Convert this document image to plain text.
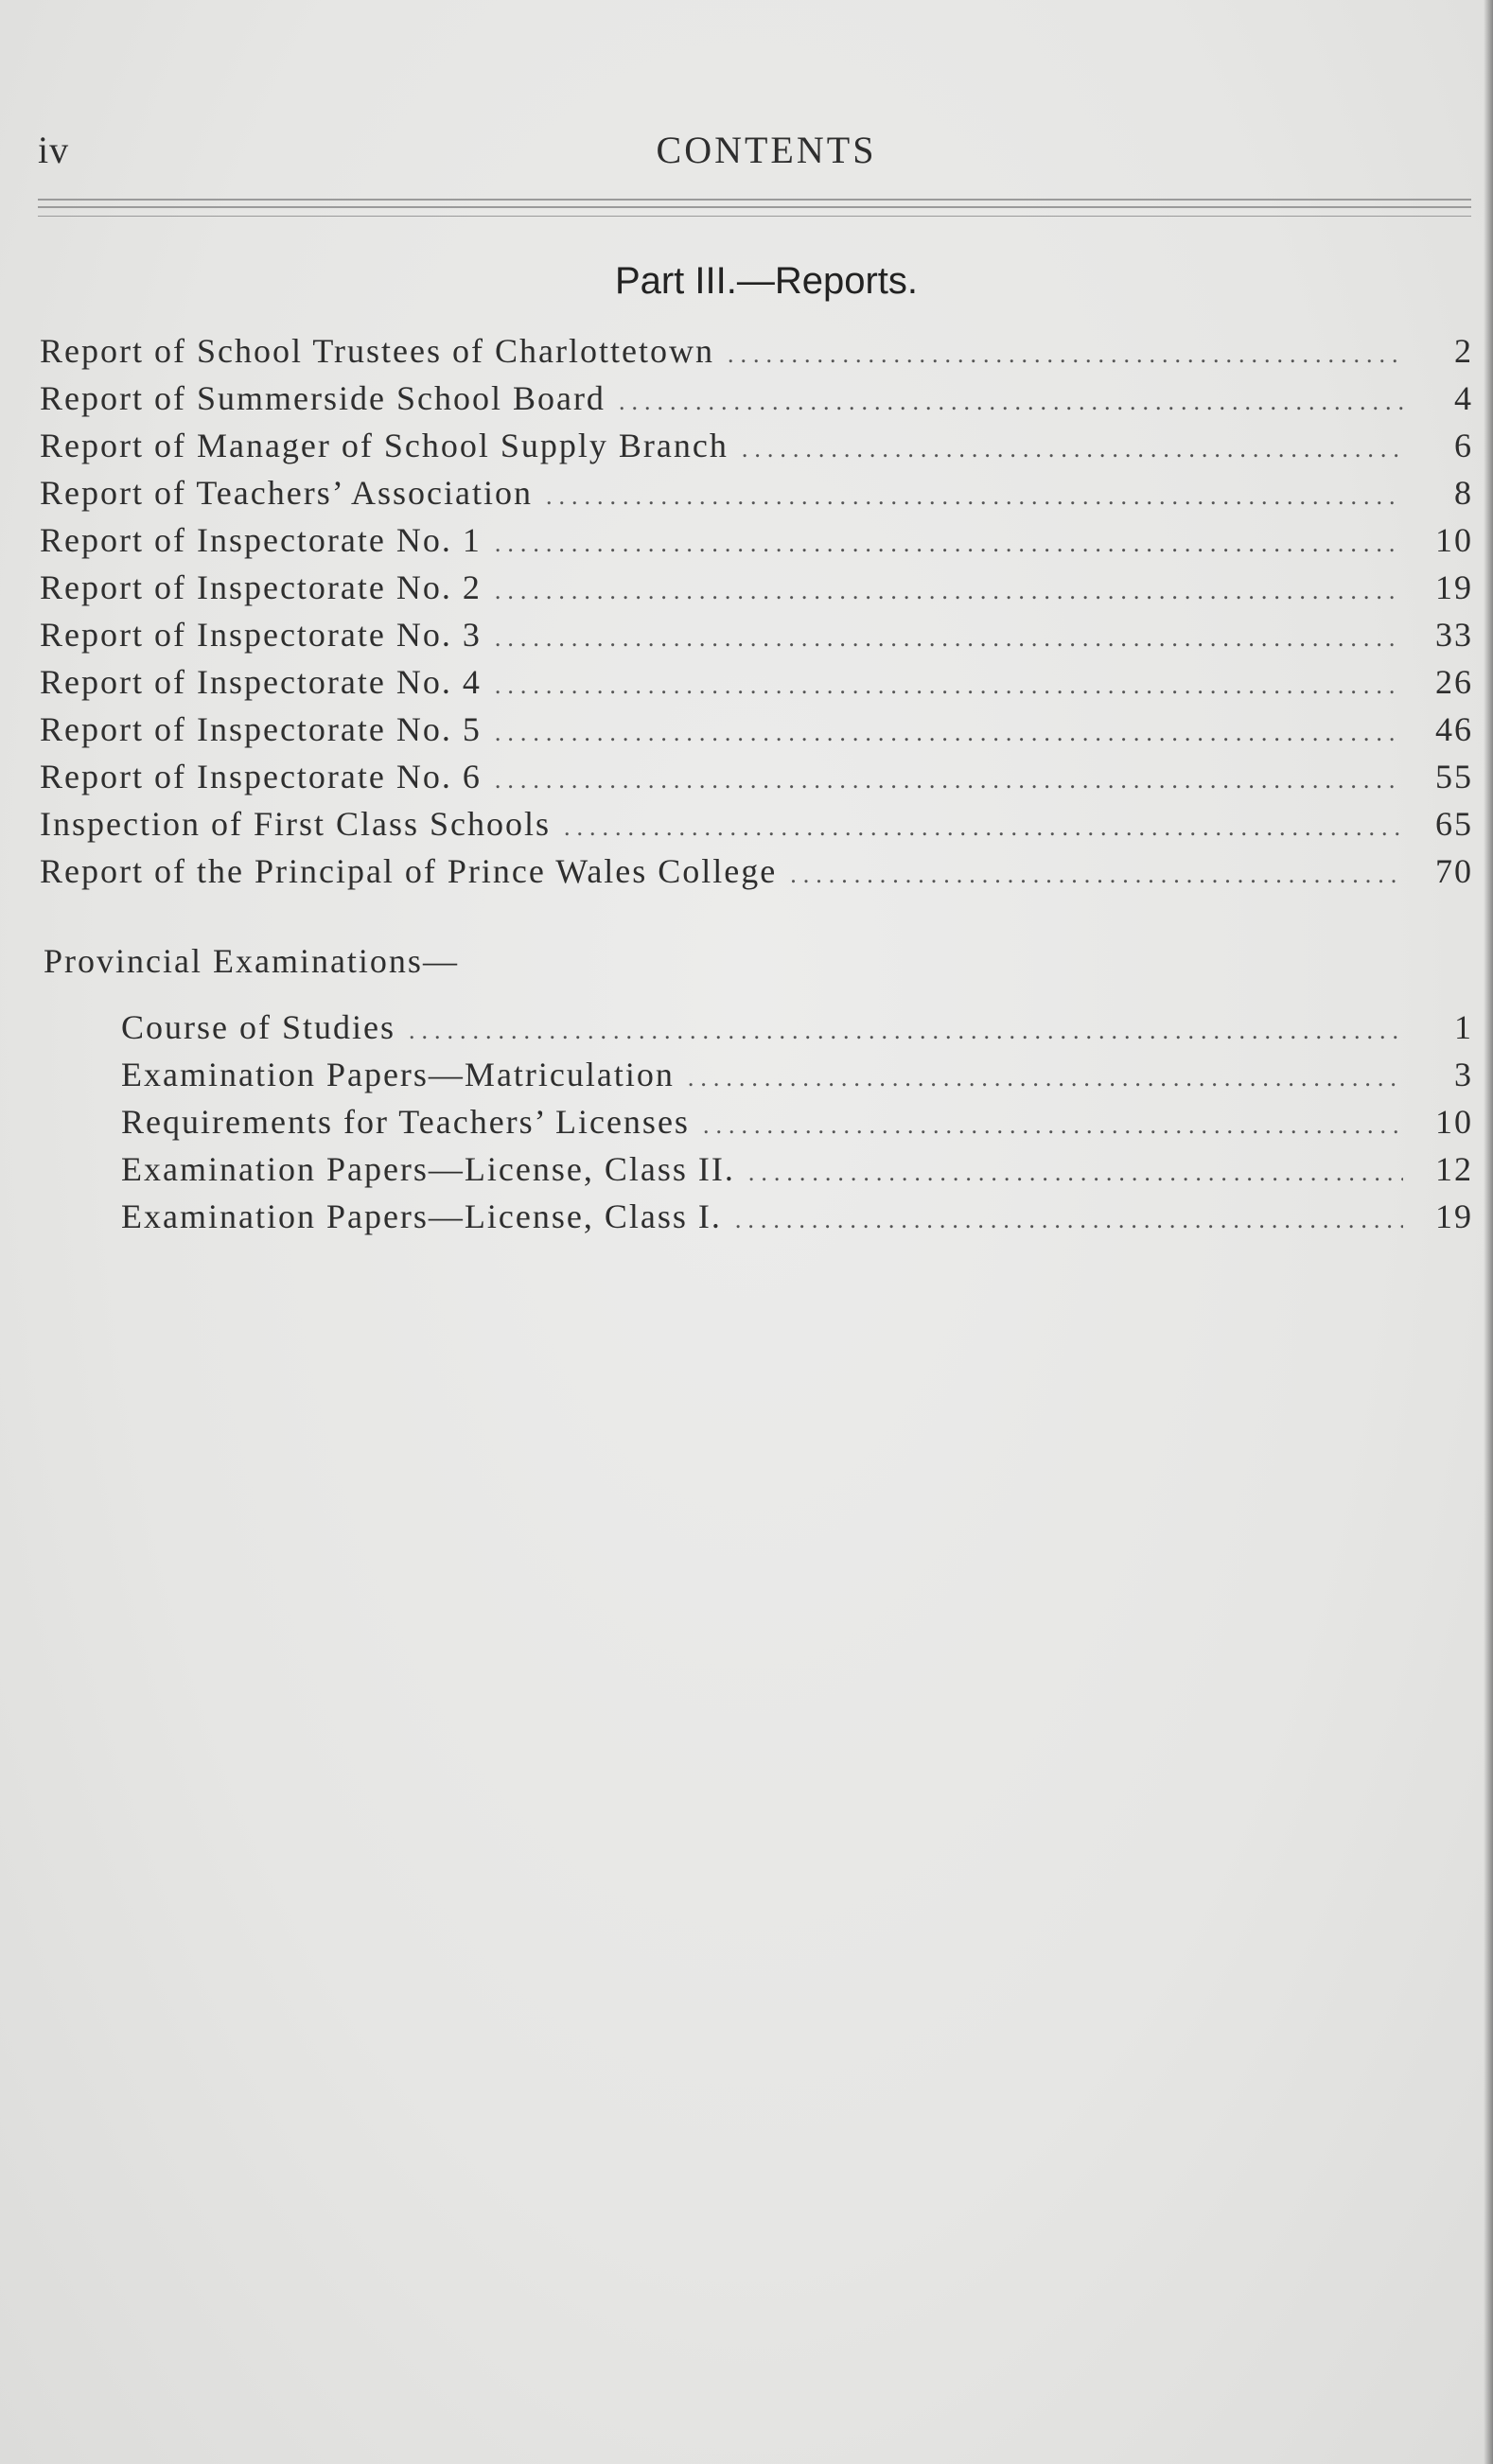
CONTENTS
iv
Part III.—Reports.
Report of School Trustees of Charlottetown .....	2
Report of Summerside School Board .....	4
Report of Manager of School Supply Branch .....	6
Report of Teachers’ Association .....	8
Report of Inspectorate No. 1 .....	10
Report of Inspectorate No. 2 .....	19
Report of Inspectorate No. 3 .....	33
Report of Inspectorate No. 4 .....	26
Report of Inspectorate No. 5 .....	46
Report of Inspectorate No. 6 .....	55
Inspection of First Class Schools .....	65
Report of the Principal of Prince Wales College .....	70
Provincial Examinations—
Course of Studies .....	1
Examination Papers—Matriculation .....	3
Requirements for Teachers’ Licenses .....	10
Examination Papers—License, Class II. .....	12
Examination Papers—License, Class I. .....	19
